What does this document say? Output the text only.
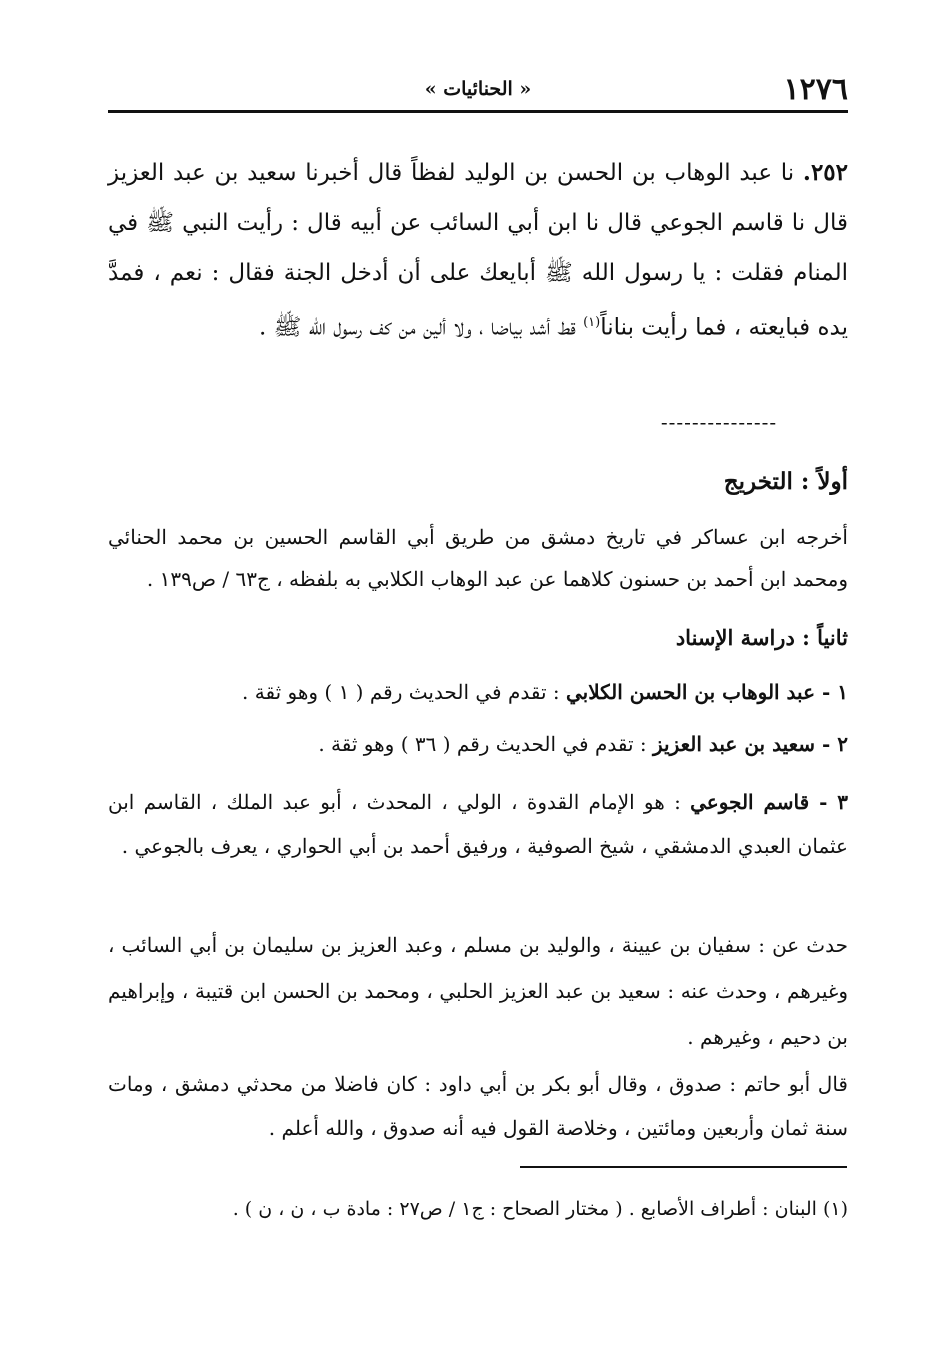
١٢٧٦
« الحنائيات »
٢٥٢. نا عبد الوهاب بن الحسن بن الوليد لفظاً قال أخبرنا سعيد بن عبد العزيز قال نا قاسم الجوعي قال نا ابن أبي السائب عن أبيه قال : رأيت النبي ﷺ في المنام فقلت : يا رسول الله ﷺ أبايعك على أن أدخل الجنة فقال : نعم ، فمدَّ يده فبايعته ، فما رأيت بناناً$^{(١)}$ قط أشد بياضا ، ولا ألين من كف رسول الله ﷺ .
---------------
أولاً : التخريج
أخرجه ابن عساكر في تاريخ دمشق من طريق أبي القاسم الحسين بن محمد الحنائي ومحمد ابن أحمد بن حسنون كلاهما عن عبد الوهاب الكلابي به بلفظه ، ج٦٣ / ص١٣٩ .
ثانياً : دراسة الإسناد
١ - عبد الوهاب بن الحسن الكلابي : تقدم في الحديث رقم ( ١ ) وهو ثقة .
٢ - سعيد بن عبد العزيز : تقدم في الحديث رقم ( ٣٦ ) وهو ثقة .
٣ - قاسم الجوعي : هو الإمام القدوة ، الولي ، المحدث ، أبو عبد الملك ، القاسم ابن عثمان العبدي الدمشقي ، شيخ الصوفية ، ورفيق أحمد بن أبي الحواري ، يعرف بالجوعي .
حدث عن : سفيان بن عيينة ، والوليد بن مسلم ، وعبد العزيز بن سليمان بن أبي السائب ، وغيرهم ، وحدث عنه : سعيد بن عبد العزيز الحلبي ، ومحمد بن الحسن ابن قتيبة ، وإبراهيم بن دحيم ، وغيرهم .
قال أبو حاتم : صدوق ، وقال أبو بكر بن أبي داود : كان فاضلا من محدثي دمشق ، ومات سنة ثمان وأربعين ومائتين ، وخلاصة القول فيه أنه صدوق ، والله أعلم .
(١) البنان : أطراف الأصابع . ( مختار الصحاح : ج١ / ص٢٧ : مادة ب ، ن ، ن ) .
